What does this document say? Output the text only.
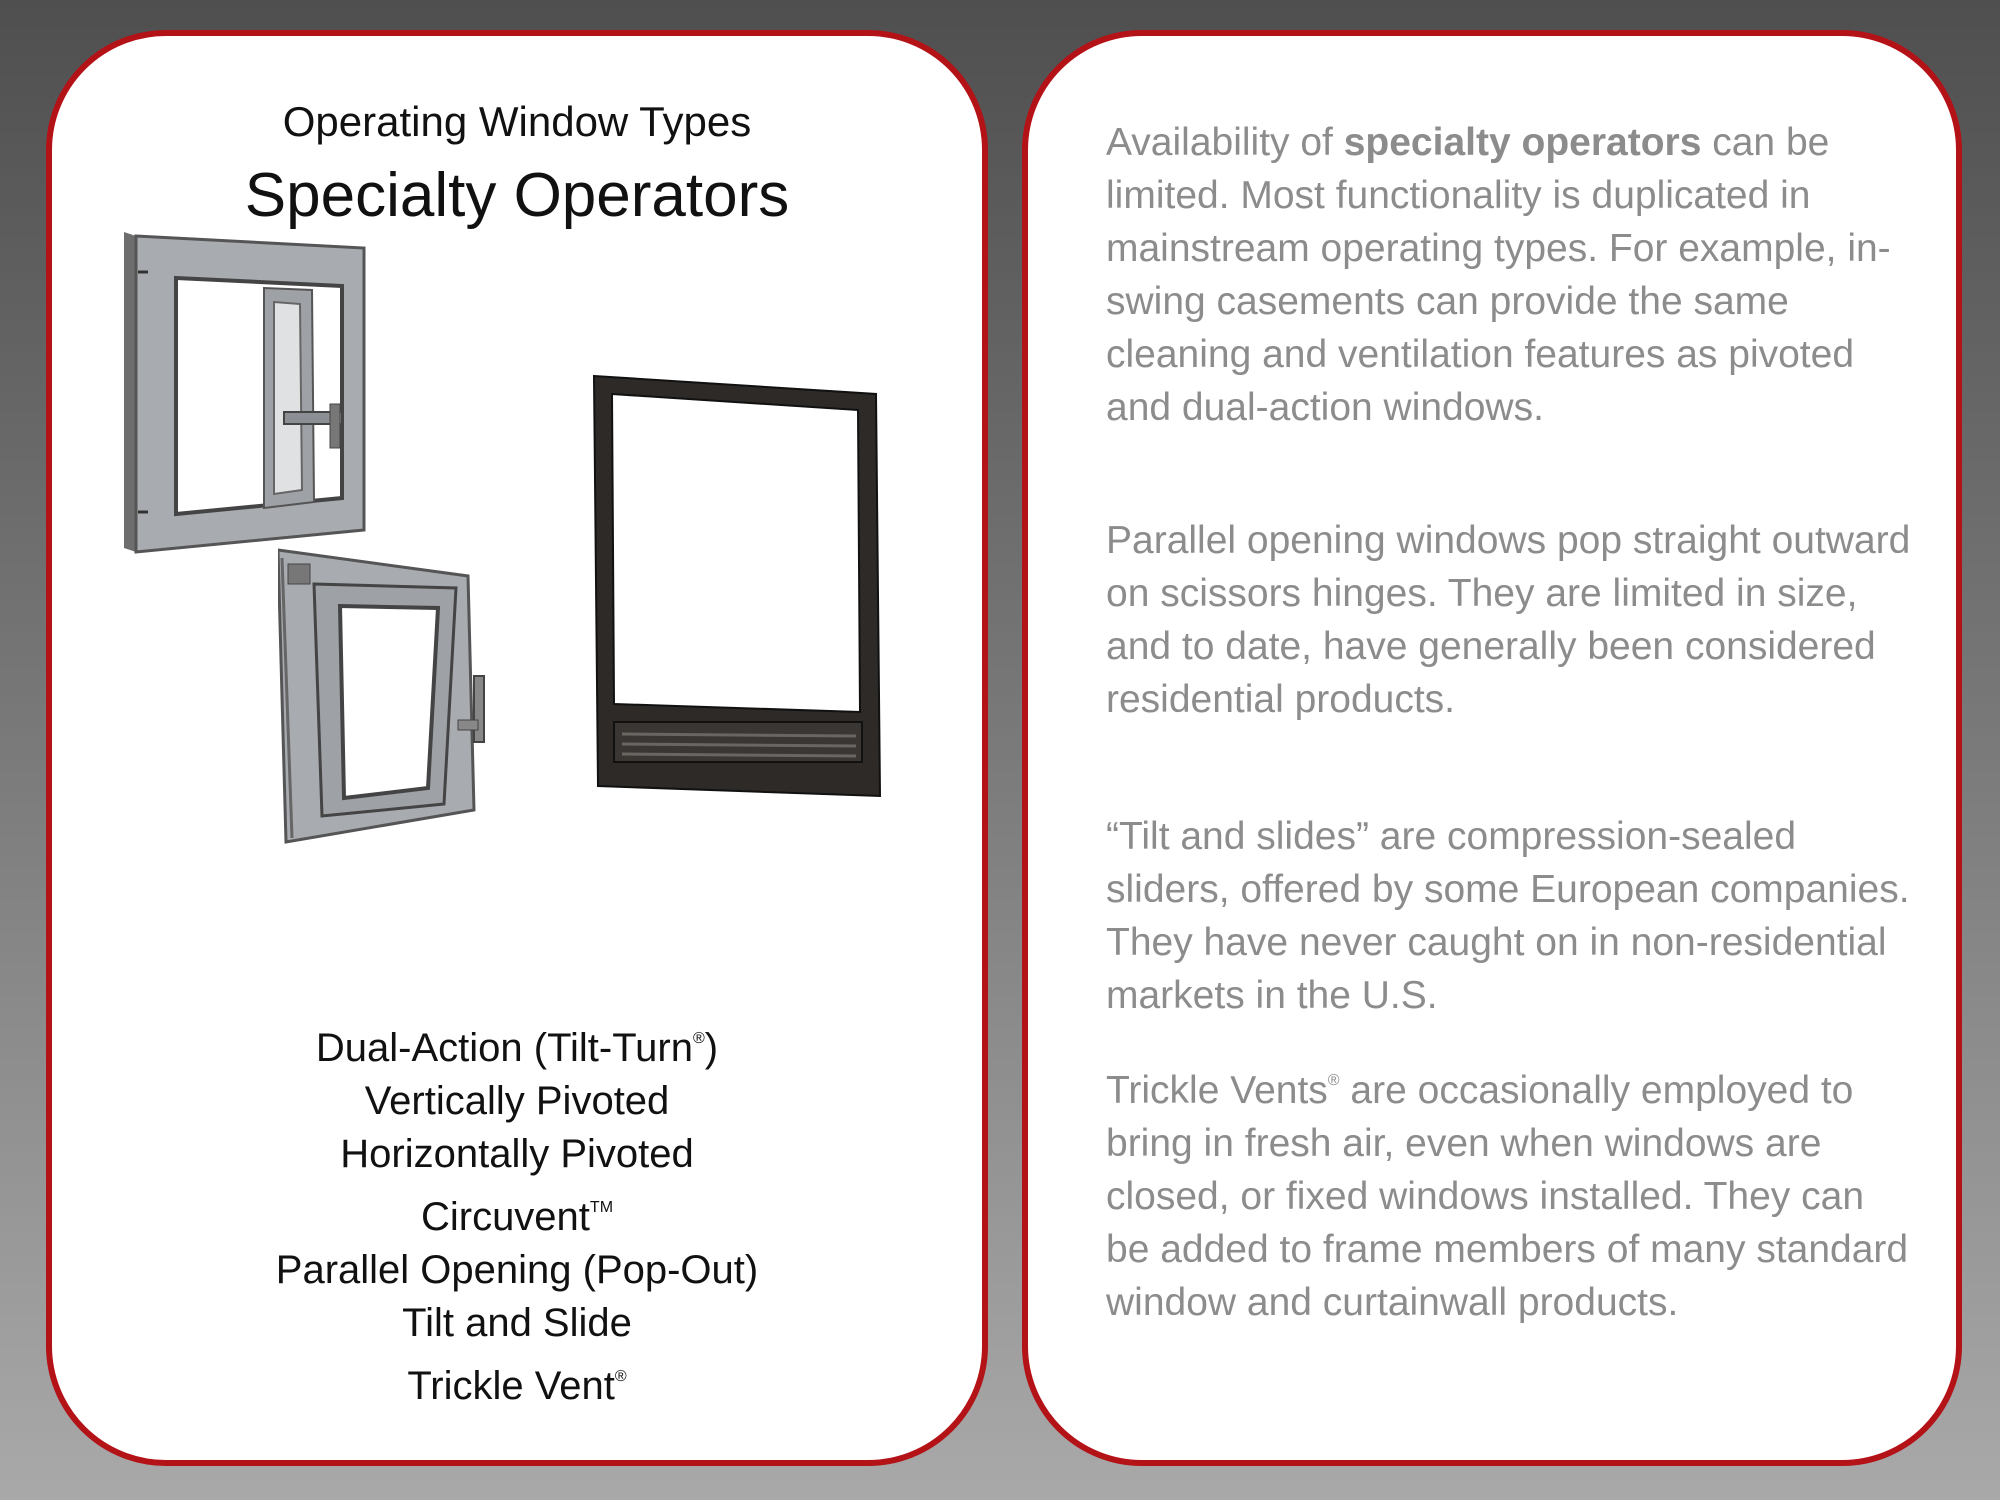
Operating Window Types
Specialty Operators
Dual-Action (Tilt-Turn®)
Vertically Pivoted
Horizontally Pivoted
Circuvent™
Parallel Opening (Pop-Out)
Tilt and Slide
Trickle Vent®

Availability of specialty operators can be limited. Most functionality is duplicated in mainstream operating types. For example, in-swing casements can provide the same cleaning and ventilation features as pivoted and dual-action windows.

Parallel opening windows pop straight outward on scissors hinges. They are limited in size, and to date, have generally been considered residential products.

“Tilt and slides” are compression-sealed sliders, offered by some European companies. They have never caught on in non-residential markets in the U.S.

Trickle Vents® are occasionally employed to bring in fresh air, even when windows are closed, or fixed windows installed. They can be added to frame members of many standard window and curtainwall products.
